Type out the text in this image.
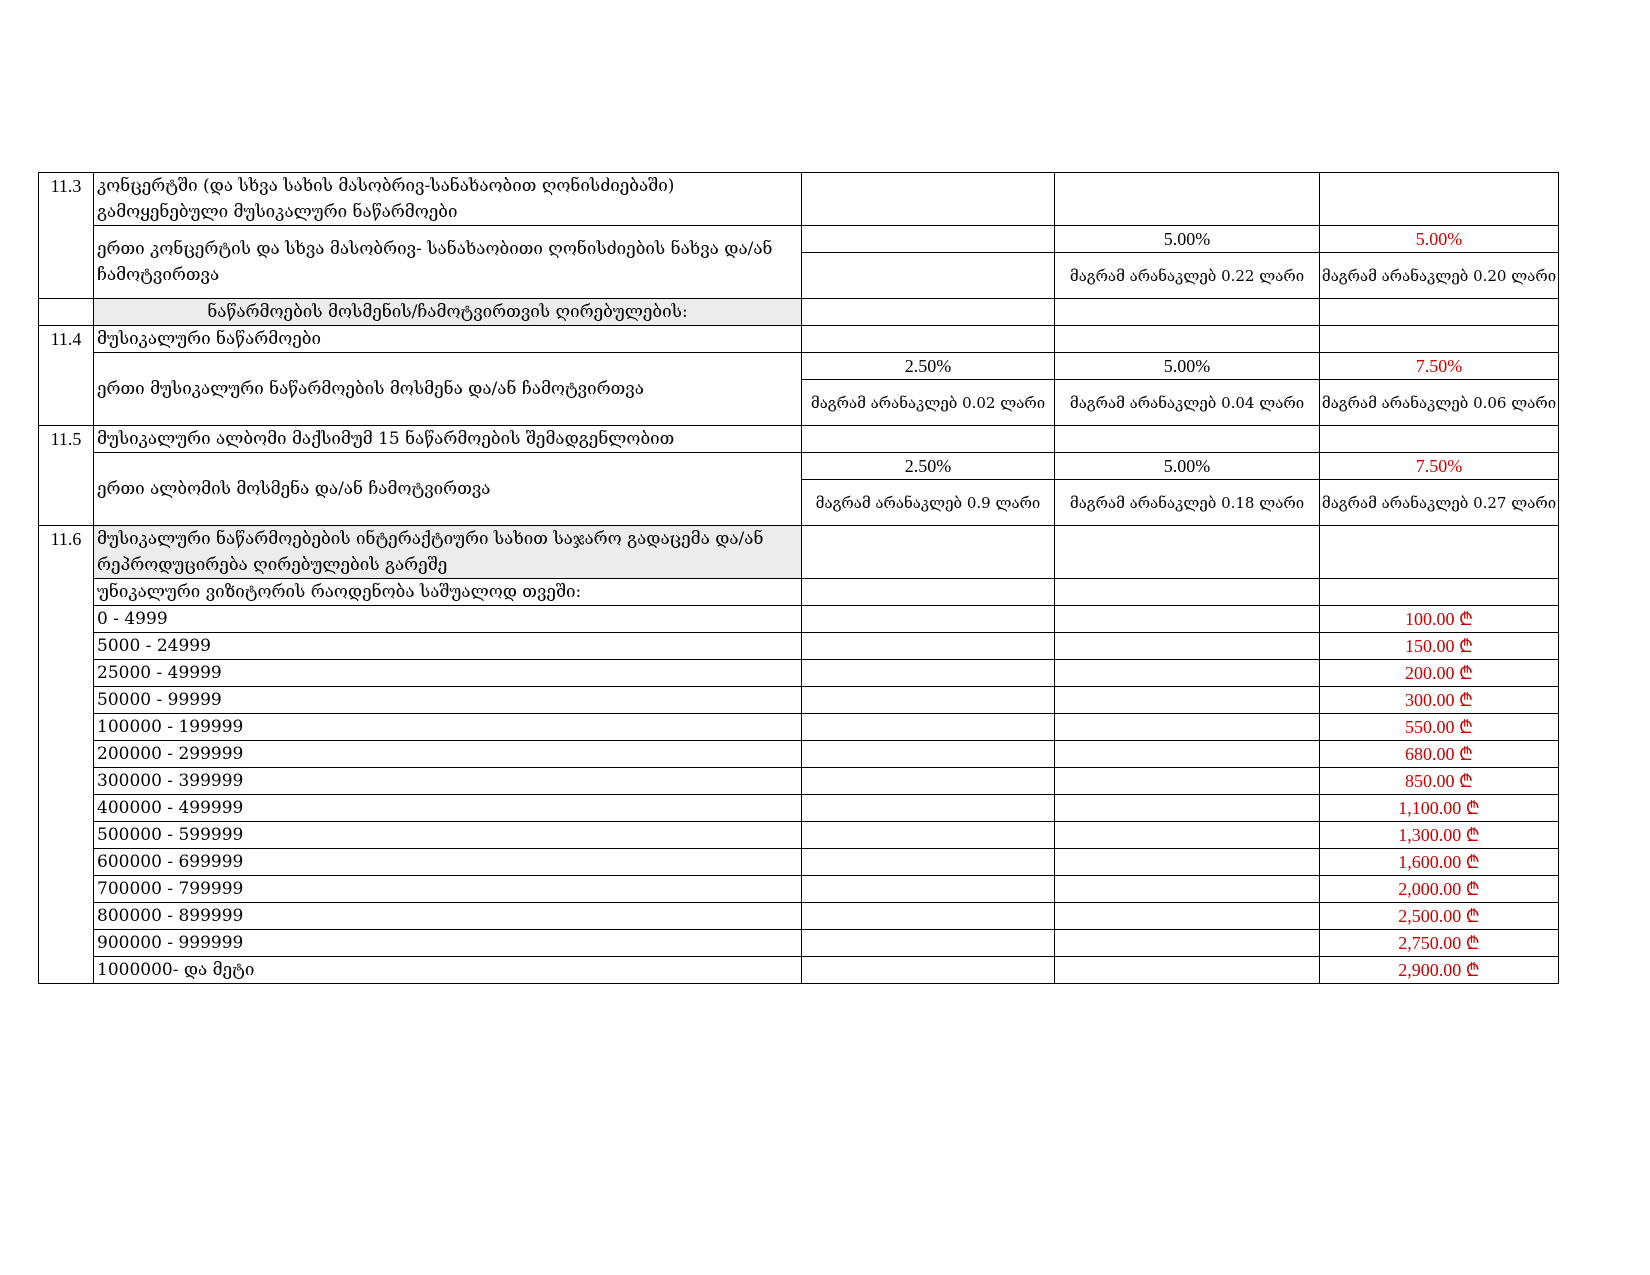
11.3	კონცერტში (და სხვა სახის მასობრივ-სანახაობით ღონისძიებაში) გამოყენებული მუსიკალური ნაწარმოები			
	ერთი კონცერტის და სხვა მასობრივ- სანახაობითი ღონისძიების ნახვა და/ან ჩამოტვირთვა		5.00%	5.00%
			მაგრამ არანაკლებ 0.22 ლარი	მაგრამ არანაკლებ 0.20 ლარი
	ნაწარმოების მოსმენის/ჩამოტვირთვის ღირებულების:			
11.4	მუსიკალური ნაწარმოები			
	ერთი მუსიკალური ნაწარმოების მოსმენა და/ან ჩამოტვირთვა	2.50%	5.00%	7.50%
		მაგრამ არანაკლებ 0.02 ლარი	მაგრამ არანაკლებ 0.04 ლარი	მაგრამ არანაკლებ 0.06 ლარი
11.5	მუსიკალური ალბომი მაქსიმუმ 15 ნაწარმოების შემადგენლობით			
	ერთი ალბომის მოსმენა და/ან ჩამოტვირთვა	2.50%	5.00%	7.50%
		მაგრამ არანაკლებ 0.9 ლარი	მაგრამ არანაკლებ 0.18 ლარი	მაგრამ არანაკლებ 0.27 ლარი
11.6	მუსიკალური ნაწარმოებების ინტერაქტიური სახით საჯარო გადაცემა და/ან რეპროდუცირება ღირებულების გარეშე			
	უნიკალური ვიზიტორის რაოდენობა საშუალოდ თვეში:			
	0 - 4999			100.00 ₾
	5000 - 24999			150.00 ₾
	25000 - 49999			200.00 ₾
	50000 - 99999			300.00 ₾
	100000 - 199999			550.00 ₾
	200000 - 299999			680.00 ₾
	300000 - 399999			850.00 ₾
	400000 - 499999			1,100.00 ₾
	500000 - 599999			1,300.00 ₾
	600000 - 699999			1,600.00 ₾
	700000 - 799999			2,000.00 ₾
	800000 - 899999			2,500.00 ₾
	900000 - 999999			2,750.00 ₾
	1000000- და მეტი			2,900.00 ₾
